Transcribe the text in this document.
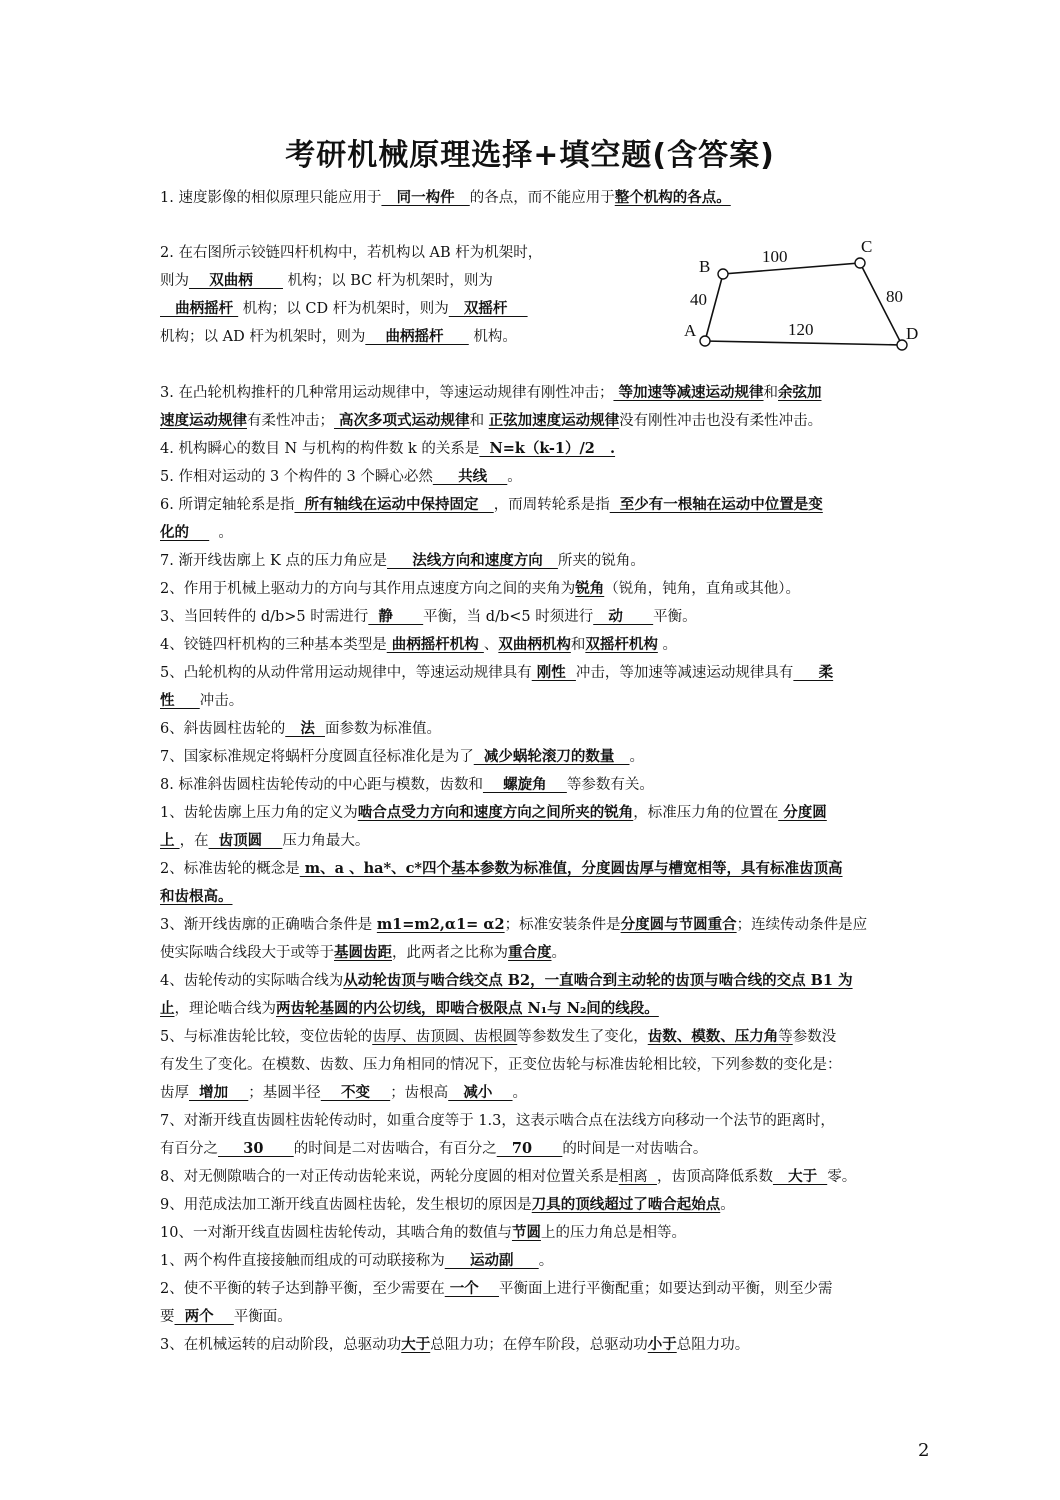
考研机械原理选择+填空题(含答案)
1. 速度影像的相似原理只能应用于   同一构件   的各点，而不能应用于整个机构的各点。
2. 在右图所示铰链四杆机构中，若机构以 AB 杆为机架时，
则为    双曲柄       机构；以 BC 杆为机架时，则为
曲柄摇杆  机构；以 CD 杆为机架时，则为   双摇杆
机构；以 AD 杆为机架时，则为    曲柄摇杆      机构。
3. 在凸轮机构推杆的几种常用运动规律中，等速运动规律有刚性冲击； 等加速等减速运动规律和余弦加
速度运动规律有柔性冲击； 高次多项式运动规律和 正弦加速度运动规律没有刚性冲击也没有柔性冲击。
4. 机构瞬心的数目 N 与机构的构件数 k 的关系是  N=k（k-1）/2   .
5. 作相对运动的 3 个构件的 3 个瞬心必然     共线    。
6. 所谓定轴轮系是指  所有轴线在运动中保持固定   ，而周转轮系是指  至少有一根轴在运动中位置是变
化的      。
7. 渐开线齿廓上 K 点的压力角应是     法线方向和速度方向   所夹的锐角。
2、作用于机械上驱动力的方向与其作用点速度方向之间的夹角为锐角（锐角，钝角，直角或其他）。
3、当回转件的 d/b>5 时需进行  静      平衡，当 d/b<5 时须进行   动      平衡。
4、铰链四杆机构的三种基本类型是 曲柄摇杆机构 、双曲柄机构和双摇杆机构 。
5、凸轮机构的从动件常用运动规律中，等速运动规律具有 刚性  冲击，等加速等减速运动规律具有     柔
性     冲击。
6、斜齿圆柱齿轮的   法  面参数为标准值。
7、国家标准规定将蜗杆分度圆直径标准化是为了  减少蜗轮滚刀的数量   。
8. 标准斜齿圆柱齿轮传动的中心距与模数，齿数和    螺旋角    等参数有关。
1、齿轮齿廓上压力角的定义为啮合点受力方向和速度方向之间所夹的锐角，标准压力角的位置在 分度圆
上 ，在  齿顶圆    压力角最大。
2、标准齿轮的概念是 m、a 、ha*、c*四个基本参数为标准值，分度圆齿厚与槽宽相等，具有标准齿顶高
和齿根高。
3、渐开线齿廓的正确啮合条件是 m1=m2,α1= α2；标准安装条件是分度圆与节圆重合；连续传动条件是应
使实际啮合线段大于或等于基圆齿距，此两者之比称为重合度。
4、齿轮传动的实际啮合线为从动轮齿顶与啮合线交点 B2，一直啮合到主动轮的齿顶与啮合线的交点 B1 为
止，理论啮合线为两齿轮基圆的内公切线，即啮合极限点 N₁与 N₂间的线段。
5、与标准齿轮比较，变位齿轮的齿厚、齿顶圆、齿根圆等参数发生了变化，齿数、模数、压力角等参数没
有发生了变化。在模数、齿数、压力角相同的情况下，正变位齿轮与标准齿轮相比较，下列参数的变化是：
齿厚  增加    ；基圆半径    不变    ；齿根高   减小    。
7、对渐开线直齿圆柱齿轮传动时，如重合度等于 1.3，这表示啮合点在法线方向移动一个法节的距离时，
有百分之     30      的时间是二对齿啮合，有百分之   70      的时间是一对齿啮合。
8、对无侧隙啮合的一对正传动齿轮来说，两轮分度圆的相对位置关系是相离  ，齿顶高降低系数   大于  零。
9、用范成法加工渐开线直齿圆柱齿轮，发生根切的原因是刀具的顶线超过了啮合起始点。
10、一对渐开线直齿圆柱齿轮传动，其啮合角的数值与节圆上的压力角总是相等。
1、两个构件直接接触而组成的可动联接称为     运动副     。
2、使不平衡的转子达到静平衡，至少需要在 一个    平衡面上进行平衡配重；如要达到动平衡，则至少需
要  两个    平衡面。
3、在机械运转的启动阶段，总驱动功大于总阻力功；在停车阶段，总驱动功小于总阻力功。
A
B
C
D
40
100
80
120
2
